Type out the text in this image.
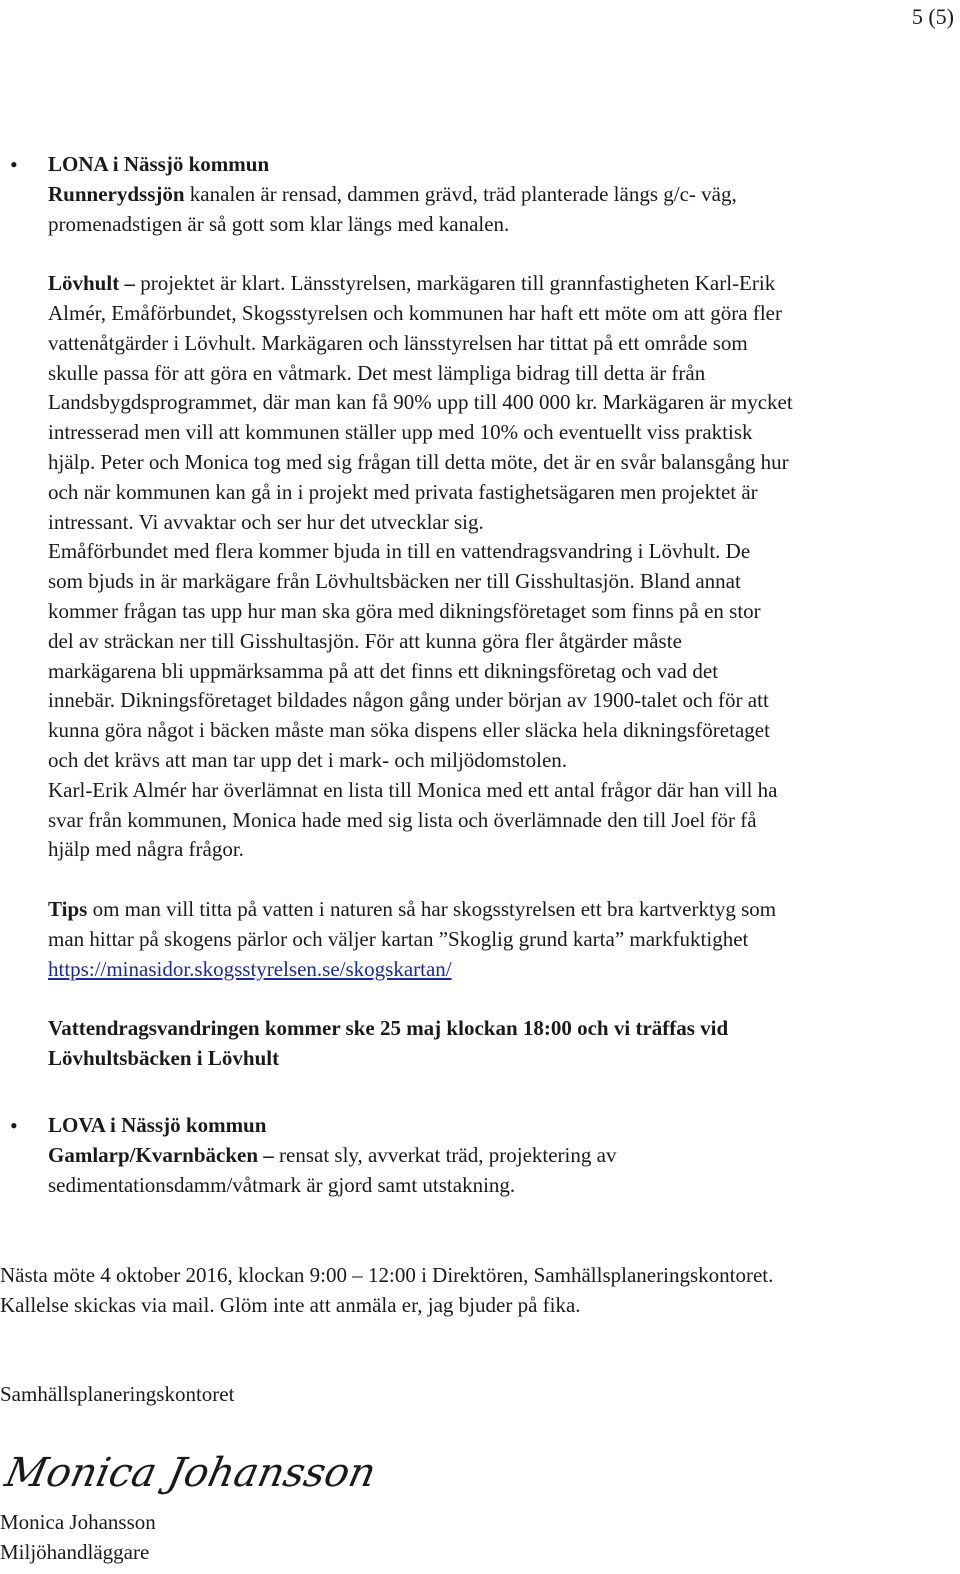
5 (5)
• LONA i Nässjö kommun
Runnerydssjön kanalen är rensad, dammen grävd, träd planterade längs g/c- väg,
promenadstigen är så gott som klar längs med kanalen.
Lövhult – projektet är klart. Länsstyrelsen, markägaren till grannfastigheten Karl-Erik
Almér, Emåförbundet, Skogsstyrelsen och kommunen har haft ett möte om att göra fler
vattenåtgärder i Lövhult. Markägaren och länsstyrelsen har tittat på ett område som
skulle passa för att göra en våtmark. Det mest lämpliga bidrag till detta är från
Landsbygdsprogrammet, där man kan få 90% upp till 400 000 kr. Markägaren är mycket
intresserad men vill att kommunen ställer upp med 10% och eventuellt viss praktisk
hjälp. Peter och Monica tog med sig frågan till detta möte, det är en svår balansgång hur
och när kommunen kan gå in i projekt med privata fastighetsägaren men projektet är
intressant. Vi avvaktar och ser hur det utvecklar sig.
Emåförbundet med flera kommer bjuda in till en vattendragsvandring i Lövhult. De
som bjuds in är markägare från Lövhultsbäcken ner till Gisshultasjön. Bland annat
kommer frågan tas upp hur man ska göra med dikningsföretaget som finns på en stor
del av sträckan ner till Gisshultasjön. För att kunna göra fler åtgärder måste
markägarena bli uppmärksamma på att det finns ett dikningsföretag och vad det
innebär. Dikningsföretaget bildades någon gång under början av 1900-talet och för att
kunna göra något i bäcken måste man söka dispens eller släcka hela dikningsföretaget
och det krävs att man tar upp det i mark- och miljödomstolen.
Karl-Erik Almér har överlämnat en lista till Monica med ett antal frågor där han vill ha
svar från kommunen, Monica hade med sig lista och överlämnade den till Joel för få
hjälp med några frågor.
Tips om man vill titta på vatten i naturen så har skogsstyrelsen ett bra kartverktyg som
man hittar på skogens pärlor och väljer kartan ”Skoglig grund karta” markfuktighet
https://minasidor.skogsstyrelsen.se/skogskartan/
Vattendragsvandringen kommer ske 25 maj klockan 18:00 och vi träffas vid
Lövhultsbäcken i Lövhult
• LOVA i Nässjö kommun
Gamlarp/Kvarnbäcken – rensat sly, avverkat träd, projektering av
sedimentationsdamm/våtmark är gjord samt utstakning.
Nästa möte 4 oktober 2016, klockan 9:00 – 12:00 i Direktören, Samhällsplaneringskontoret.
Kallelse skickas via mail. Glöm inte att anmäla er, jag bjuder på fika.
Samhällsplaneringskontoret
Monica Johansson
Monica Johansson
Miljöhandläggare
